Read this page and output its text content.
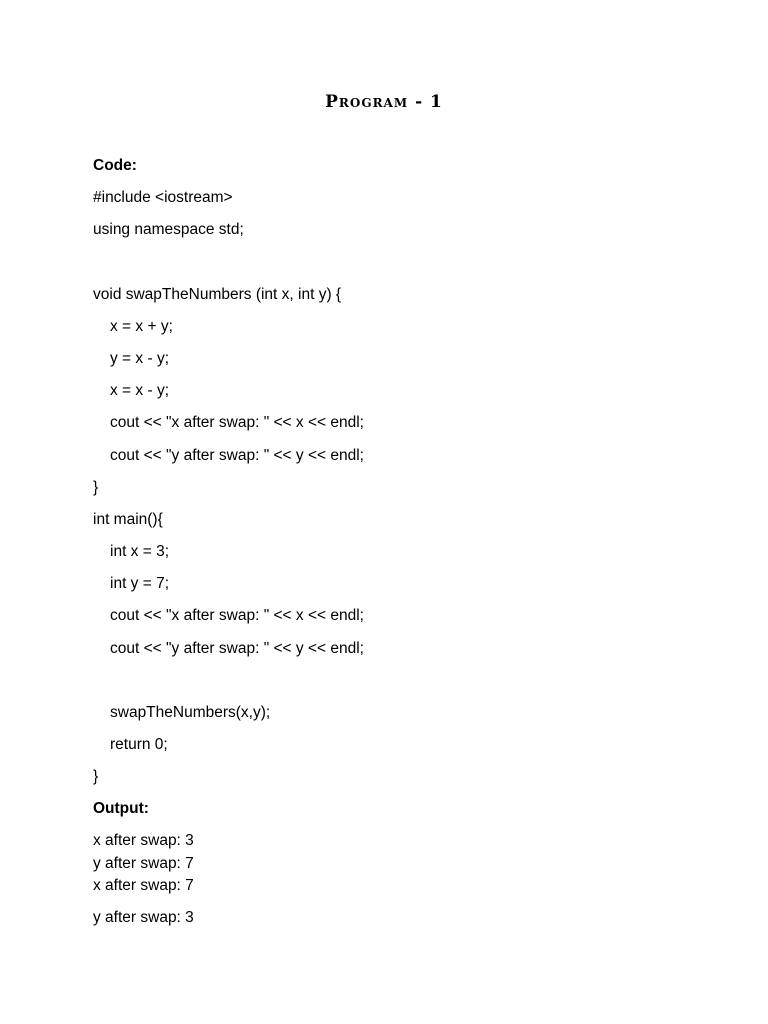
Program - 1
Code:
#include <iostream>
using namespace std;
void swapTheNumbers (int x, int y) {
x = x + y;
y = x - y;
x = x - y;
cout << "x after swap: " << x << endl;
cout << "y after swap: " << y << endl;
}
int main(){
int x = 3;
int y = 7;
cout << "x after swap: " << x << endl;
cout << "y after swap: " << y << endl;
swapTheNumbers(x,y);
return 0;
}
Output:
x after swap: 3
y after swap: 7
x after swap: 7
y after swap: 3
